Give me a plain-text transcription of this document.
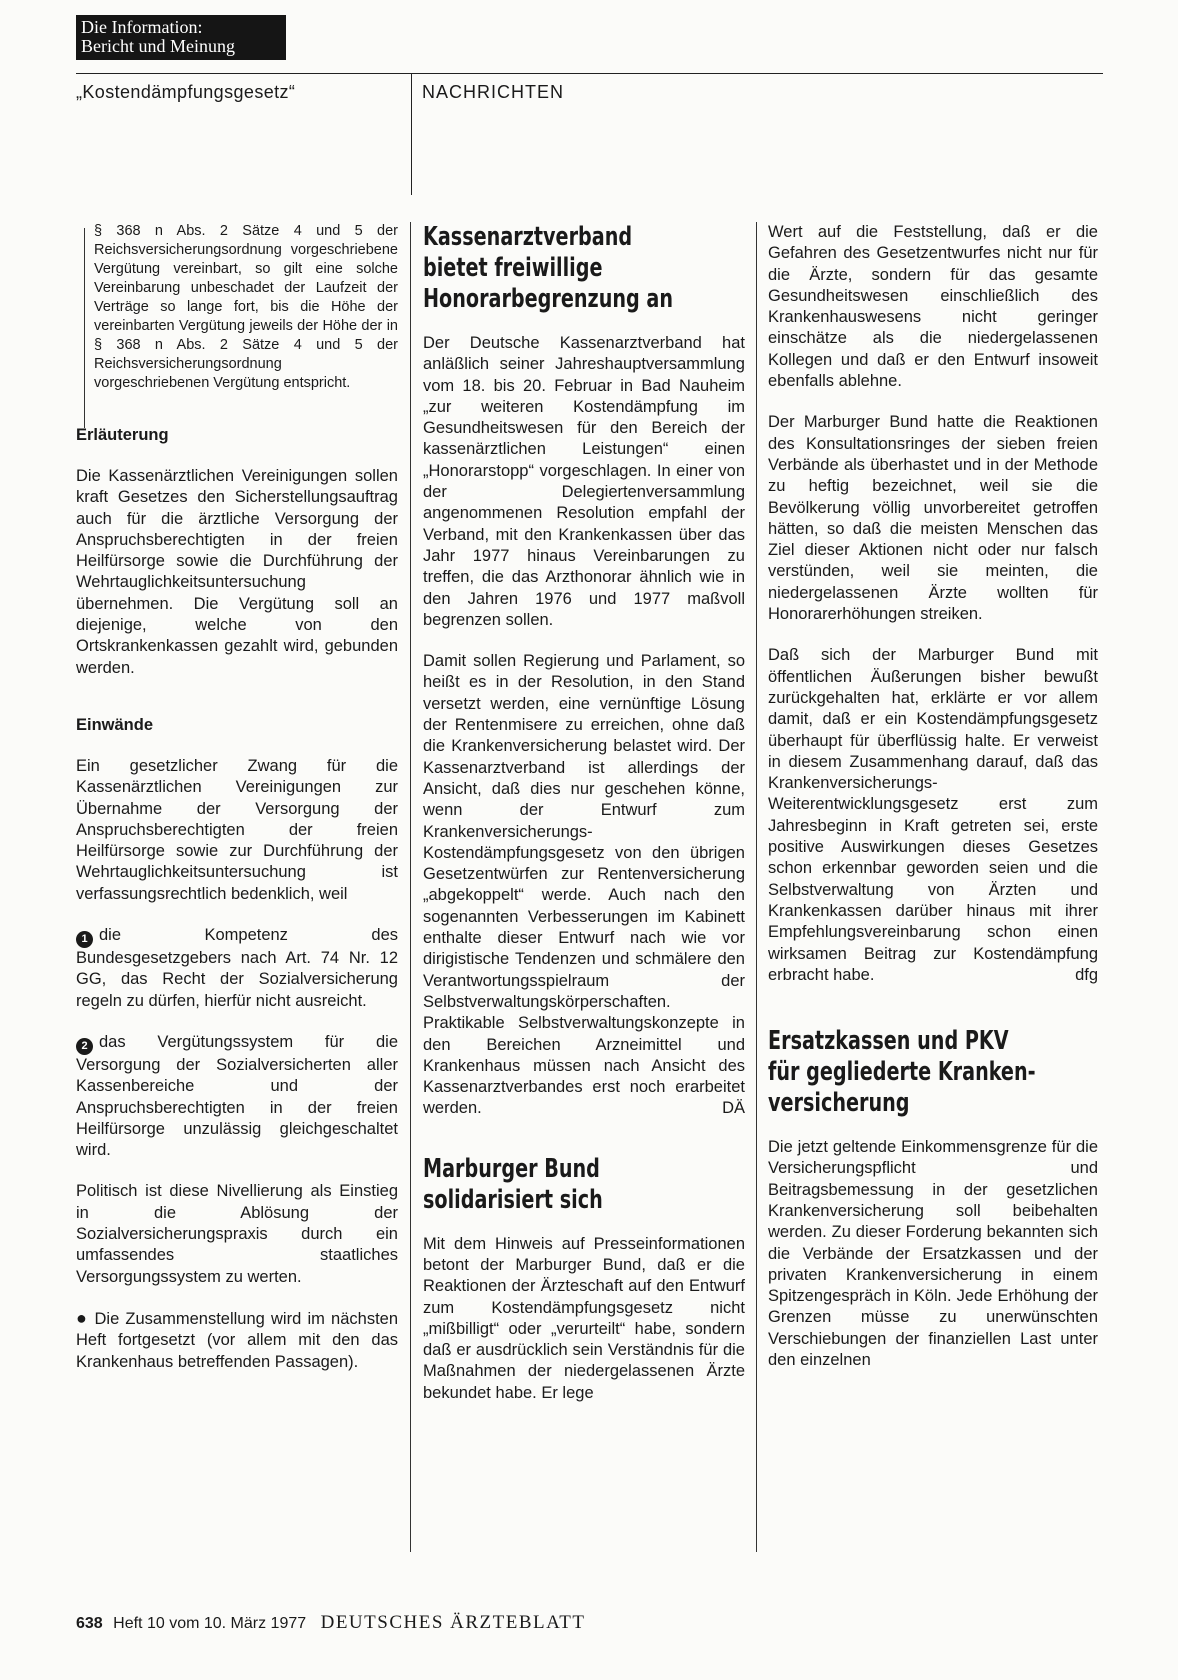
Die Information:
Bericht und Meinung
„Kostendämpfungsgesetz“	NACHRICHTEN

§ 368 n Abs. 2 Sätze 4 und 5 der Reichsversicherungsordnung vorgeschriebene Vergütung vereinbart, so gilt eine solche Vereinbarung unbeschadet der Laufzeit der Verträge so lange fort, bis die Höhe der vereinbarten Vergütung jeweils der Höhe der in § 368 n Abs. 2 Sätze 4 und 5 der Reichsversicherungsordnung vorgeschriebenen Vergütung entspricht.

Erläuterung

Die Kassenärztlichen Vereinigungen sollen kraft Gesetzes den Sicherstellungsauftrag auch für die ärztliche Versorgung der Anspruchsberechtigten in der freien Heilfürsorge sowie die Durchführung der Wehrtauglichkeitsuntersuchung übernehmen. Die Vergütung soll an diejenige, welche von den Ortskrankenkassen gezahlt wird, gebunden werden.

Einwände

Ein gesetzlicher Zwang für die Kassenärztlichen Vereinigungen zur Übernahme der Versorgung der Anspruchsberechtigten der freien Heilfürsorge sowie zur Durchführung der Wehrtauglichkeitsuntersuchung ist verfassungsrechtlich bedenklich, weil

1 die Kompetenz des Bundesgesetzgebers nach Art. 74 Nr. 12 GG, das Recht der Sozialversicherung regeln zu dürfen, hierfür nicht ausreicht.

2 das Vergütungssystem für die Versorgung der Sozialversicherten aller Kassenbereiche und der Anspruchsberechtigten in der freien Heilfürsorge unzulässig gleichgeschaltet wird.

Politisch ist diese Nivellierung als Einstieg in die Ablösung der Sozialversicherungspraxis durch ein umfassendes staatliches Versorgungssystem zu werten.

● Die Zusammenstellung wird im nächsten Heft fortgesetzt (vor allem mit den das Krankenhaus betreffenden Passagen).

Kassenarztverband
bietet freiwillige
Honorarbegrenzung an

Der Deutsche Kassenarztverband hat anläßlich seiner Jahreshauptversammlung vom 18. bis 20. Februar in Bad Nauheim „zur weiteren Kostendämpfung im Gesundheitswesen für den Bereich der kassenärztlichen Leistungen“ einen „Honorarstopp“ vorgeschlagen. In einer von der Delegiertenversammlung angenommenen Resolution empfahl der Verband, mit den Krankenkassen über das Jahr 1977 hinaus Vereinbarungen zu treffen, die das Arzthonorar ähnlich wie in den Jahren 1976 und 1977 maßvoll begrenzen sollen.

Damit sollen Regierung und Parlament, so heißt es in der Resolution, in den Stand versetzt werden, eine vernünftige Lösung der Rentenmisere zu erreichen, ohne daß die Krankenversicherung belastet wird. Der Kassenarztverband ist allerdings der Ansicht, daß dies nur geschehen könne, wenn der Entwurf zum Krankenversicherungs-Kostendämpfungsgesetz von den übrigen Gesetzentwürfen zur Rentenversicherung „abgekoppelt“ werde. Auch nach den sogenannten Verbesserungen im Kabinett enthalte dieser Entwurf nach wie vor dirigistische Tendenzen und schmälere den Verantwortungsspielraum der Selbstverwaltungskörperschaften. Praktikable Selbstverwaltungskonzepte in den Bereichen Arzneimittel und Krankenhaus müssen nach Ansicht des Kassenarztverbandes erst noch erarbeitet werden.	DÄ

Marburger Bund
solidarisiert sich

Mit dem Hinweis auf Presseinformationen betont der Marburger Bund, daß er die Reaktionen der Ärzteschaft auf den Entwurf zum Kostendämpfungsgesetz nicht „mißbilligt“ oder „verurteilt“ habe, sondern daß er ausdrücklich sein Verständnis für die Maßnahmen der niedergelassenen Ärzte bekundet habe. Er lege

Wert auf die Feststellung, daß er die Gefahren des Gesetzentwurfes nicht nur für die Ärzte, sondern für das gesamte Gesundheitswesen einschließlich des Krankenhauswesens nicht geringer einschätze als die niedergelassenen Kollegen und daß er den Entwurf insoweit ebenfalls ablehne.

Der Marburger Bund hatte die Reaktionen des Konsultationsringes der sieben freien Verbände als überhastet und in der Methode zu heftig bezeichnet, weil sie die Bevölkerung völlig unvorbereitet getroffen hätten, so daß die meisten Menschen das Ziel dieser Aktionen nicht oder nur falsch verstünden, weil sie meinten, die niedergelassenen Ärzte wollten für Honorarerhöhungen streiken.

Daß sich der Marburger Bund mit öffentlichen Äußerungen bisher bewußt zurückgehalten hat, erklärte er vor allem damit, daß er ein Kostendämpfungsgesetz überhaupt für überflüssig halte. Er verweist in diesem Zusammenhang darauf, daß das Krankenversicherungs-Weiterentwicklungsgesetz erst zum Jahresbeginn in Kraft getreten sei, erste positive Auswirkungen dieses Gesetzes schon erkennbar geworden seien und die Selbstverwaltung von Ärzten und Krankenkassen darüber hinaus mit ihrer Empfehlungsvereinbarung schon einen wirksamen Beitrag zur Kostendämpfung erbracht habe.	dfg

Ersatzkassen und PKV
für gegliederte Kranken-
versicherung

Die jetzt geltende Einkommensgrenze für die Versicherungspflicht und Beitragsbemessung in der gesetzlichen Krankenversicherung soll beibehalten werden. Zu dieser Forderung bekannten sich die Verbände der Ersatzkassen und der privaten Krankenversicherung in einem Spitzengespräch in Köln. Jede Erhöhung der Grenzen müsse zu unerwünschten Verschiebungen der finanziellen Last unter den einzelnen

638 Heft 10 vom 10. März 1977 DEUTSCHES ÄRZTEBLATT
